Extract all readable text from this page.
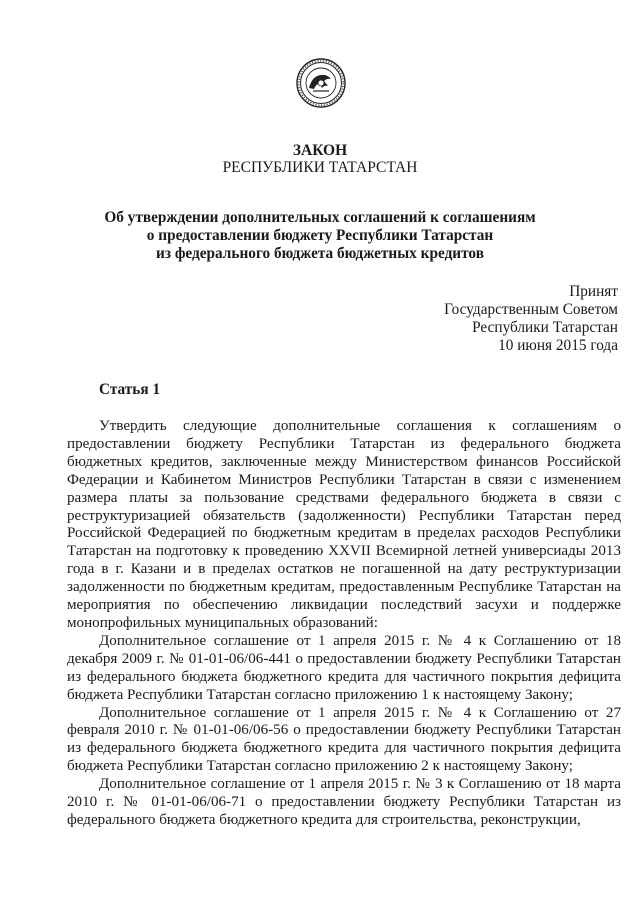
ЗАКОН
РЕСПУБЛИКИ ТАТАРСТАН
Об утверждении дополнительных соглашений к соглашениям
о предоставлении бюджету Республики Татарстан
из федерального бюджета бюджетных кредитов
Принят
Государственным Советом
Республики Татарстан
10 июня 2015 года
Статья 1

Утвердить следующие дополнительные соглашения к соглашениям о предоставлении бюджету Республики Татарстан из федерального бюджета бюджетных кредитов, заключенные между Министерством финансов Российской Федерации и Кабинетом Министров Республики Татарстан в связи с изменением размера платы за пользование средствами федерального бюджета в связи с реструктуризацией обязательств (задолженности) Республики Татарстан перед Российской Федерацией по бюджетным кредитам в пределах расходов Республики Татарстан на подготовку к проведению XXVII Всемирной летней универсиады 2013 года в г. Казани и в пределах остатков не погашенной на дату реструктуризации задолженности по бюджетным кредитам, предоставленным Республике Татарстан на мероприятия по обеспечению ликвидации последствий засухи и поддержке монопрофильных муниципальных образований:

Дополнительное соглашение от 1 апреля 2015 г. № 4 к Соглашению от 18 декабря 2009 г. № 01-01-06/06-441 о предоставлении бюджету Республики Татарстан из федерального бюджета бюджетного кредита для частичного покрытия дефицита бюджета Республики Татарстан согласно приложению 1 к настоящему Закону;

Дополнительное соглашение от 1 апреля 2015 г. № 4 к Соглашению от 27 февраля 2010 г. № 01-01-06/06-56 о предоставлении бюджету Республики Татарстан из федерального бюджета бюджетного кредита для частичного покрытия дефицита бюджета Республики Татарстан согласно приложению 2 к настоящему Закону;

Дополнительное соглашение от 1 апреля 2015 г. № 3 к Соглашению от 18 марта 2010 г. № 01-01-06/06-71 о предоставлении бюджету Республики Татарстан из федерального бюджета бюджетного кредита для строительства, реконструкции,
